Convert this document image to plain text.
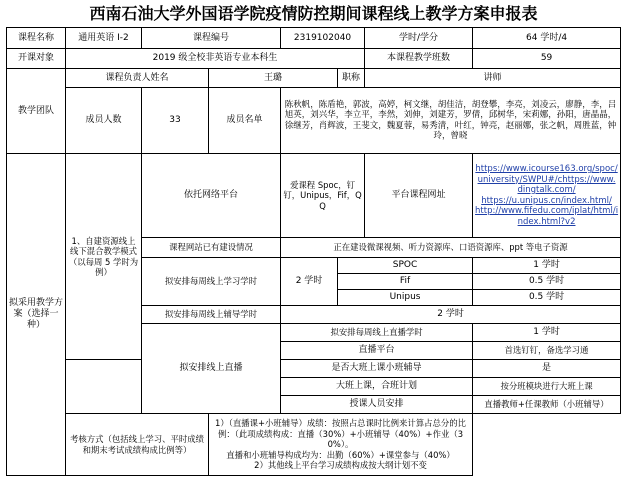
西南石油大学外国语学院疫情防控期间课程线上教学方案申报表
课程名称	通用英语 I-2	课程编号		2319102040		学时/学分	64 学时/4
开课对象	2019 级全校非英语专业本科生					本课程教学班数	59
教学团队	课程负责人姓名		王璐		职称	讲师	
	成员人数	33	成员名单	陈秋帆，陈盾艳，郭波，高婷，柯文继，胡佳洁，胡登攀，李亮，刘凌云，廖静，李，吕旭英，刘兴华，李立平，李然，刘伸，刘建芳，罗倩，邱树华，宋莉娜，孙阳，唐晶晶，徐继芳，肖辉波，王斐文，魏夏蓉，易秀清，叶红，钟亮，赵丽娜，张之帆，周胜蓝，钟玲，曾晓			
拟采用教学方案（选择一种）	1、自建资源线上线下混合教学模式（以每周 5 学时为例）	依托网络平台		爱课程 Spoc，钉钉，Unipus，Fif，QQ		平台课程网址	https://www.icourse163.org/spoc/university/SWPU#/chttps://www.dingtalk.com/
https://u.unipus.cn/index.html/
http://www.fifedu.com/iplat/html/index.html?v2

		课程网站已有建设情况		正在建设微课视频、听力资源库、口语资源库、ppt 等电子资源			
		拟安排每周线上学习学时		2 学时	SPOC		1 学时
					Fif		0.5 学时
					Unipus		0.5 学时
		拟安排每周线上辅导学时		2 学时			
		拟安排线上直播		拟安排每周线上直播学时			1 学时
				直播平台			首选钉钉，备选学习通
				是否大班上课小班辅导			是
				大班上课，合班计划			按分班模块进行大班上课
				授课人员安排			直播教师+任课教师（小班辅导）
	考核方式（包括线上学习、平时成绩和期末考试成绩构成比例等）		1）（直播课+小班辅导）成绩：按照占总课时比例来计算占总分的比例：（此项成绩构成：直播（30%）+小班辅导（40%）+作业（30%）。
直播和小班辅导构成均为：出勤（60%）+课堂参与（40%）
2）其他线上平台学习成绩构成按大纲计划不变				
